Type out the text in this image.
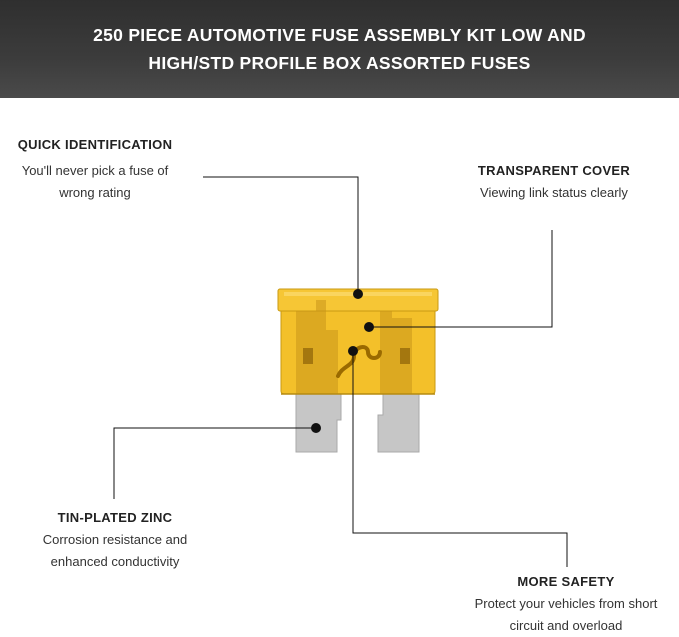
250 PIECE AUTOMOTIVE FUSE ASSEMBLY KIT LOW AND
HIGH/STD PROFILE BOX ASSORTED FUSES
QUICK IDENTIFICATION
You'll never pick a fuse of
wrong rating
TRANSPARENT COVER
Viewing link status clearly
TIN-PLATED ZINC
Corrosion resistance and
enhanced conductivity
MORE SAFETY
Protect your vehicles from short
circuit and overload
